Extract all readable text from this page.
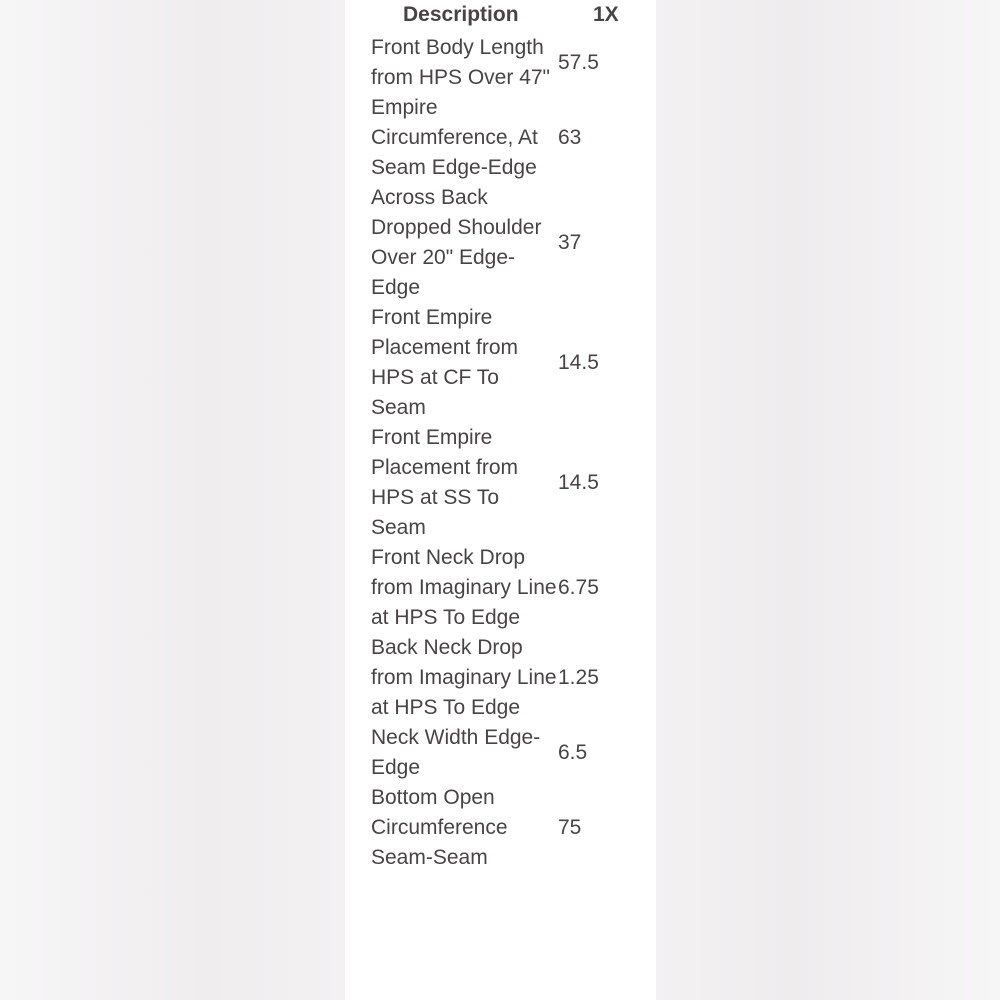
Description	1X
Front Body Length from HPS Over 47"
57.5
Empire Circumference, At Seam Edge-Edge
63
Across Back Dropped Shoulder Over 20" Edge-Edge
37
Front Empire Placement from HPS at CF To Seam
14.5
Front Empire Placement from HPS at SS To Seam
14.5
Front Neck Drop from Imaginary Line at HPS To Edge
6.75
Back Neck Drop from Imaginary Line at HPS To Edge
1.25
Neck Width Edge-Edge
6.5
Bottom Open Circumference Seam-Seam
75
